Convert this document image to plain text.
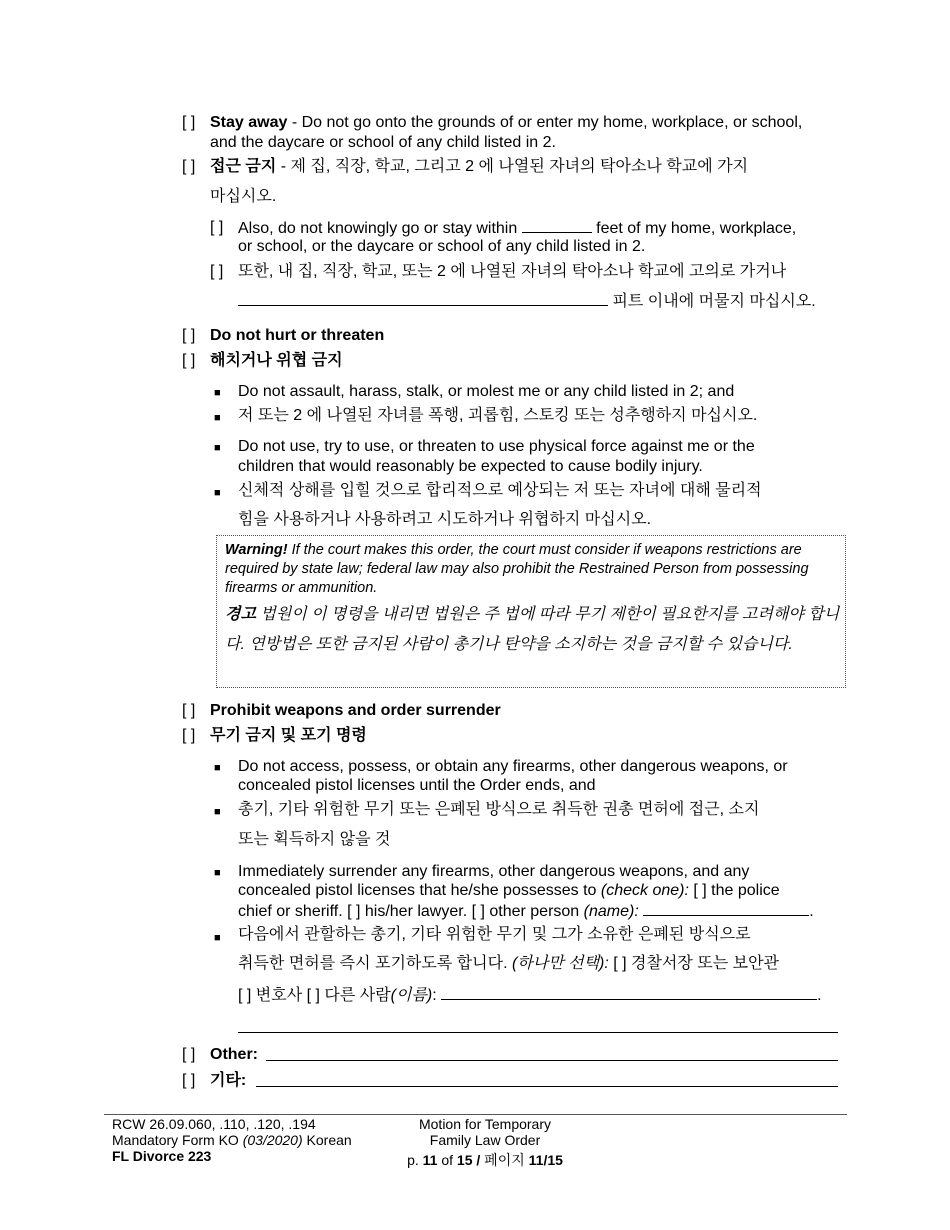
[ ] Stay away - Do not go onto the grounds of or enter my home, workplace, or school,
and the daycare or school of any child listed in 2.
[ ] 접근 금지 - 제 집, 직장, 학교, 그리고 2 에 나열된 자녀의 탁아소나 학교에 가지
마십시오.
[ ] Also, do not knowingly go or stay within	feet of my home, workplace,
or school, or the daycare or school of any child listed in 2.
[ ] 또한, 내 집, 직장, 학교, 또는 2 에 나열된 자녀의 탁아소나 학교에 고의로 가거나
피트 이내에 머물지 마십시오.
[ ] Do not hurt or threaten
[ ] 해치거나 위협 금지
■ Do not assault, harass, stalk, or molest me or any child listed in 2; and
■ 저 또는 2 에 나열된 자녀를 폭행, 괴롭힘, 스토킹 또는 성추행하지 마십시오.
■ Do not use, try to use, or threaten to use physical force against me or the
children that would reasonably be expected to cause bodily injury.
■ 신체적 상해를 입힐 것으로 합리적으로 예상되는 저 또는 자녀에 대해 물리적
힘을 사용하거나 사용하려고 시도하거나 위협하지 마십시오.
Warning! If the court makes this order, the court must consider if weapons restrictions are required by state law; federal law may also prohibit the Restrained Person from possessing firearms or ammunition.
경고 법원이 이 명령을 내리면 법원은 주 법에 따라 무기 제한이 필요한지를 고려해야 합니다. 연방법은 또한 금지된 사람이 총기나 탄약을 소지하는 것을 금지할 수 있습니다.
[ ] Prohibit weapons and order surrender
[ ] 무기 금지 및 포기 명령
■ Do not access, possess, or obtain any firearms, other dangerous weapons, or
concealed pistol licenses until the Order ends, and
■ 총기, 기타 위험한 무기 또는 은폐된 방식으로 취득한 권총 면허에 접근, 소지
또는 획득하지 않을 것
■ Immediately surrender any firearms, other dangerous weapons, and any
concealed pistol licenses that he/she possesses to (check one): [ ] the police
chief or sheriff. [ ] his/her lawyer. [ ] other person (name):	.
■ 다음에서 관할하는 총기, 기타 위험한 무기 및 그가 소유한 은폐된 방식으로
취득한 면허를 즉시 포기하도록 합니다. (하나만 선택): [ ] 경찰서장 또는 보안관
[ ] 변호사 [ ] 다른 사람(이름):	.
[ ] Other:
[ ] 기타:
RCW 26.09.060, .110, .120, .194
Mandatory Form KO (03/2020) Korean
FL Divorce 223
Motion for Temporary
Family Law Order
p. 11 of 15 / 페이지 11/15
